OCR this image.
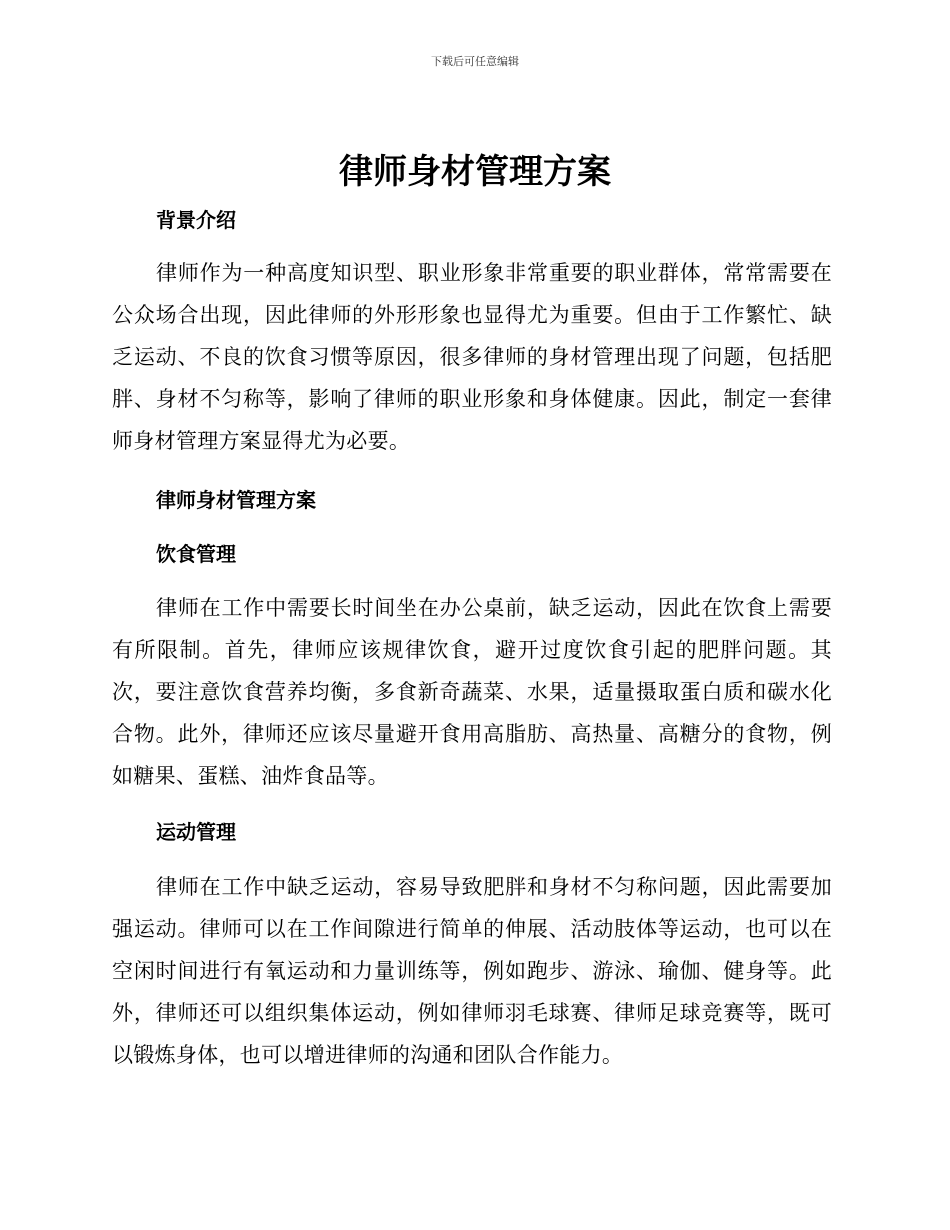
下载后可任意编辑
律师身材管理方案
背景介绍

律师作为一种高度知识型、职业形象非常重要的职业群体，常常需要在公众场合出现，因此律师的外形形象也显得尤为重要。但由于工作繁忙、缺乏运动、不良的饮食习惯等原因，很多律师的身材管理出现了问题，包括肥胖、身材不匀称等，影响了律师的职业形象和身体健康。因此，制定一套律师身材管理方案显得尤为必要。

律师身材管理方案
饮食管理

律师在工作中需要长时间坐在办公桌前，缺乏运动，因此在饮食上需要有所限制。首先，律师应该规律饮食，避开过度饮食引起的肥胖问题。其次，要注意饮食营养均衡，多食新奇蔬菜、水果，适量摄取蛋白质和碳水化合物。此外，律师还应该尽量避开食用高脂肪、高热量、高糖分的食物，例如糖果、蛋糕、油炸食品等。

运动管理

律师在工作中缺乏运动，容易导致肥胖和身材不匀称问题，因此需要加强运动。律师可以在工作间隙进行简单的伸展、活动肢体等运动，也可以在空闲时间进行有氧运动和力量训练等，例如跑步、游泳、瑜伽、健身等。此外，律师还可以组织集体运动，例如律师羽毛球赛、律师足球竞赛等，既可以锻炼身体，也可以增进律师的沟通和团队合作能力。
